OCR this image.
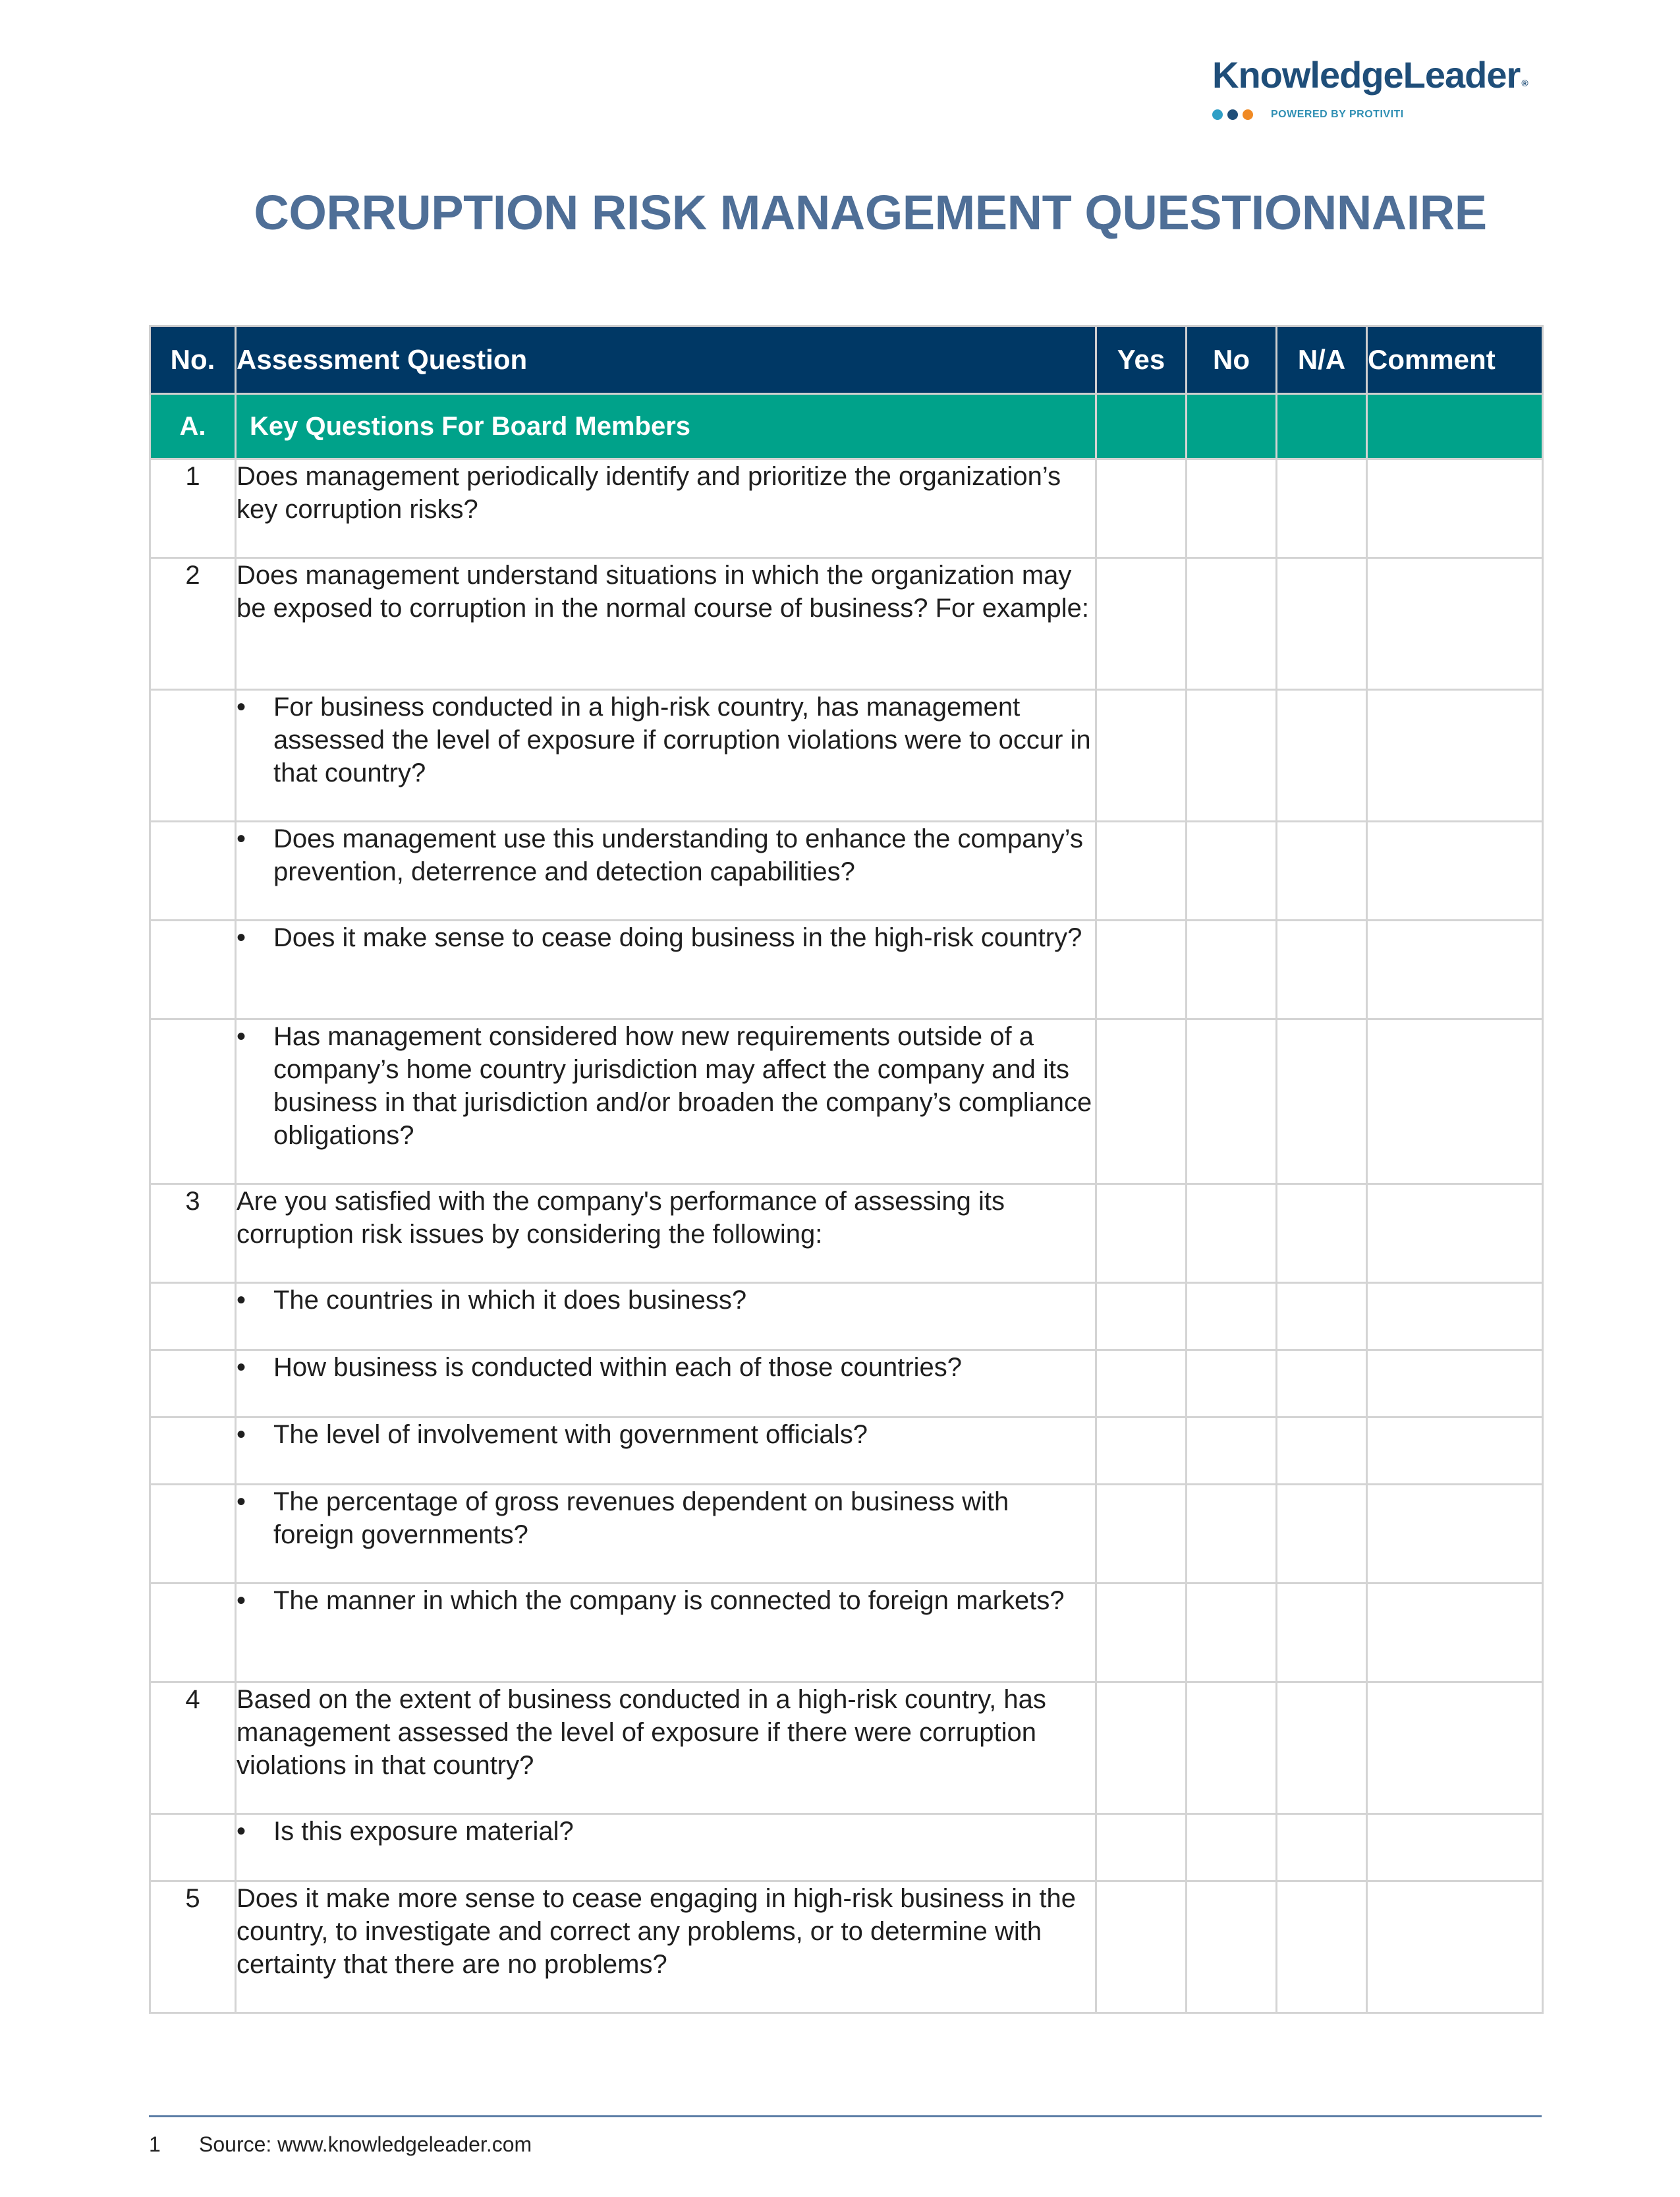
KnowledgeLeader ®
POWERED BY PROTIVITI
CORRUPTION RISK MANAGEMENT QUESTIONNAIRE
No.	Assessment Question	Yes	No	N/A	Comment
A.	Key Questions For Board Members				
1	Does management periodically identify and prioritize the organization’s key corruption risks?				
2	Does management understand situations in which the organization may be exposed to corruption in the normal course of business? For example:				

	• For business conducted in a high-risk country, has management assessed the level of exposure if corruption violations were to occur in that country?

	• Does management use this understanding to enhance the company’s prevention, deterrence and detection capabilities?

	• Does it make sense to cease doing business in the high-risk country?

	• Has management considered how new requirements outside of a company’s home country jurisdiction may affect the company and its business in that jurisdiction and/or broaden the company’s compliance obligations?

3	Are you satisfied with the company's performance of assessing its corruption risk issues by considering the following:				

	• The countries in which it does business?

	• How business is conducted within each of those countries?

	• The level of involvement with government officials?

	• The percentage of gross revenues dependent on business with foreign governments?

	• The manner in which the company is connected to foreign markets?

4	Based on the extent of business conducted in a high-risk country, has management assessed the level of exposure if there were corruption violations in that country?				

	• Is this exposure material?

5	Does it make more sense to cease engaging in high-risk business in the country, to investigate and correct any problems, or to determine with certainty that there are no problems?				
1 Source: www.knowledgeleader.com
